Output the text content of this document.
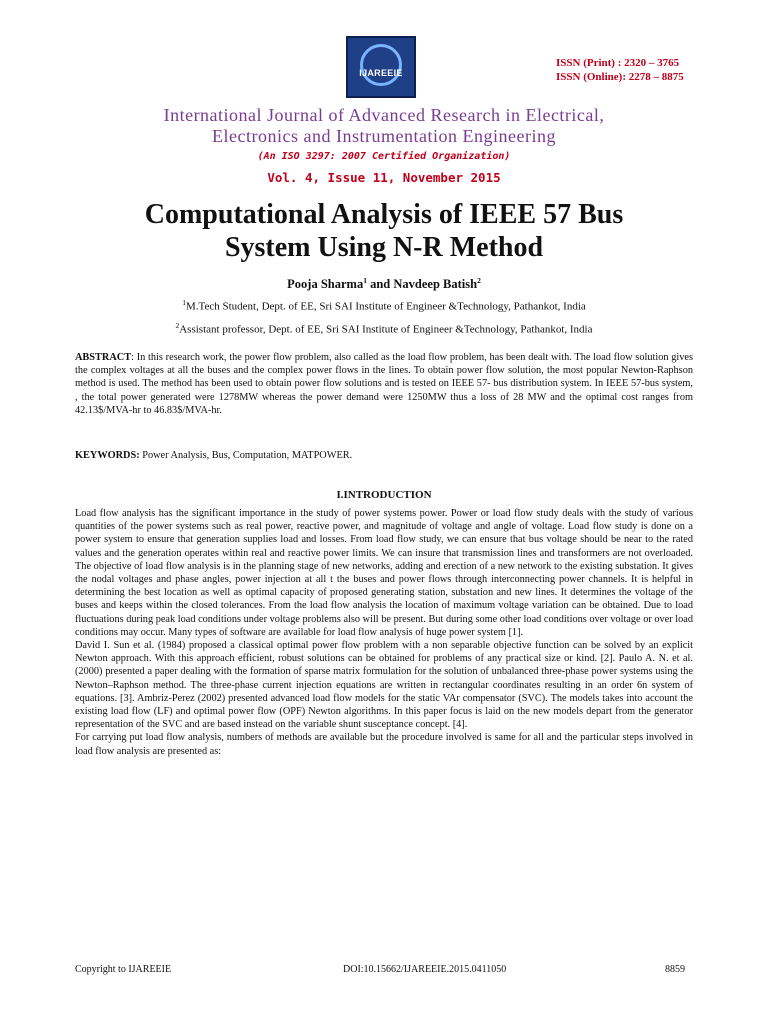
IJAREEIE
ISSN (Print) : 2320 – 3765
ISSN (Online): 2278 – 8875
International Journal of Advanced Research in Electrical,
Electronics and Instrumentation Engineering
(An ISO 3297: 2007 Certified Organization)
Vol. 4, Issue 11, November 2015
Computational Analysis of IEEE 57 Bus
System Using N-R Method
Pooja Sharma$^1$ and Navdeep Batish$^2$
$^1$M.Tech Student, Dept. of EE, Sri SAI Institute of Engineer &Technology, Pathankot, India
$^2$Assistant professor, Dept. of EE, Sri SAI Institute of Engineer &Technology, Pathankot, India
ABSTRACT: In this research work, the power flow problem, also called as the load flow problem, has been dealt with. The load flow solution gives the complex voltages at all the buses and the complex power flows in the lines. To obtain power flow solution, the most popular Newton-Raphson method is used. The method has been used to obtain power flow solutions and is tested on IEEE 57- bus distribution system. In IEEE 57-bus system, , the total power generated were 1278MW whereas the power demand were 1250MW thus a loss of 28 MW and the optimal cost ranges from 42.13$/MVA-hr to 46.83$/MVA-hr.
KEYWORDS: Power Analysis, Bus, Computation, MATPOWER.
I.INTRODUCTION

Load flow analysis has the significant importance in the study of power systems power. Power or load flow study deals with the study of various quantities of the power systems such as real power, reactive power, and magnitude of voltage and angle of voltage. Load flow study is done on a power system to ensure that generation supplies load and losses. From load flow study, we can ensure that bus voltage should be near to the rated values and the generation operates within real and reactive power limits. We can insure that transmission lines and transformers are not overloaded. The objective of load flow analysis is in the planning stage of new networks, adding and erection of a new network to the existing substation. It gives the nodal voltages and phase angles, power injection at all t the buses and power flows through interconnecting power channels. It is helpful in determining the best location as well as optimal capacity of proposed generating station, substation and new lines. It determines the voltage of the buses and keeps within the closed tolerances. From the load flow analysis the location of maximum voltage variation can be obtained. Due to load fluctuations during peak load conditions under voltage problems also will be present. But during some other load conditions over voltage or over load conditions may occur. Many types of software are available for load flow analysis of huge power system [1].

David I. Sun et al. (1984) proposed a classical optimal power flow problem with a non separable objective function can be solved by an explicit Newton approach. With this approach efficient, robust solutions can be obtained for problems of any practical size or kind. [2]. Paulo A. N. et al. (2000) presented a paper dealing with the formation of sparse matrix formulation for the solution of unbalanced three-phase power systems using the Newton–Raphson method. The three-phase current injection equations are written in rectangular coordinates resulting in an order 6n system of equations. [3]. Ambriz-Perez (2002) presented advanced load flow models for the static VAr compensator (SVC). The models takes into account the existing load flow (LF) and optimal power flow (OPF) Newton algorithms. In this paper focus is laid on the new models depart from the generator representation of the SVC and are based instead on the variable shunt susceptance concept. [4].

For carrying put load flow analysis, numbers of methods are available but the procedure involved is same for all and the particular steps involved in load flow analysis are presented as:

Copyright to IJAREEIE	DOI:10.15662/IJAREEIE.2015.0411050	8859
